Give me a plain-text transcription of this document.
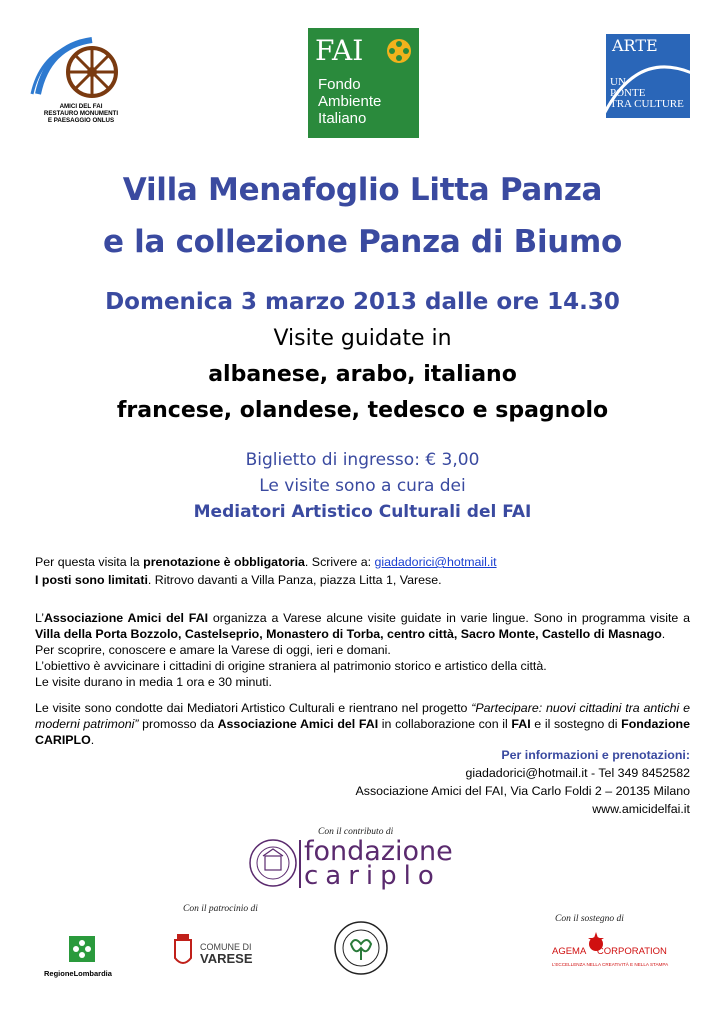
AMICI DEL FAI
RESTAURO MONUMENTI
E PAESAGGIO ONLUS
FAI
Fondo
Ambiente
Italiano
ARTE
UN
PONTE
TRA CULTURE
Villa Menafoglio Litta Panza
e la collezione Panza di Biumo
Domenica 3 marzo 2013 dalle ore 14.30
Visite guidate in
albanese, arabo, italiano
francese, olandese, tedesco e spagnolo
Biglietto di ingresso: € 3,00
Le visite sono a cura dei
Mediatori Artistico Culturali del FAI
Per questa visita la prenotazione è obbligatoria. Scrivere a: giadadorici@hotmail.it
I posti sono limitati. Ritrovo davanti a Villa Panza, piazza Litta 1, Varese.
L’Associazione Amici del FAI organizza a Varese alcune visite guidate in varie lingue. Sono in programma visite a Villa della Porta Bozzolo, Castelseprio, Monastero di Torba, centro città, Sacro Monte, Castello di Masnago.
Per scoprire, conoscere e amare la Varese di oggi, ieri e domani.
L’obiettivo è avvicinare i cittadini di origine straniera al patrimonio storico e artistico della città.
Le visite durano in media 1 ora e 30 minuti.
Le visite sono condotte dai Mediatori Artistico Culturali e rientrano nel progetto “Partecipare: nuovi cittadini tra antichi e moderni patrimoni” promosso da Associazione Amici del FAI in collaborazione con il FAI e il sostegno di Fondazione CARIPLO.
Per informazioni e prenotazioni:
giadadorici@hotmail.it - Tel 349 8452582
Associazione Amici del FAI, Via Carlo Foldi 2 – 20135 Milano
www.amicidelfai.it
Con il contributo di
fondazione
cariplo
Con il patrocinio di
Con il sostegno di
RegioneLombardia
COMUNE DI
VARESE	AGEMA CORPORATION
L’ECCELLENZA NELLA CREATIVITÀ E NELLA STAMPA
